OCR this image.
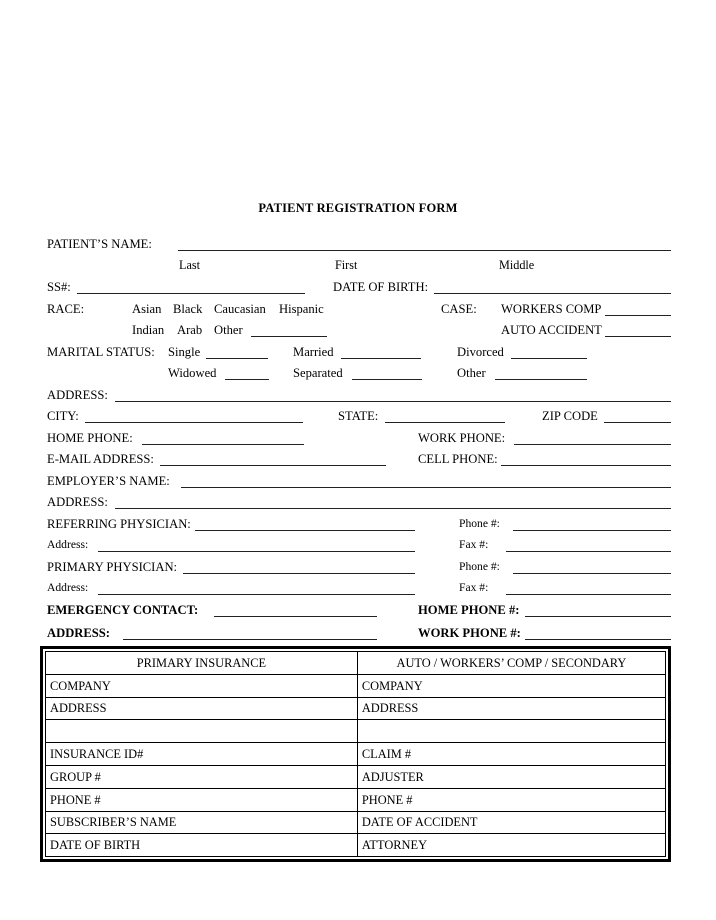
PATIENT REGISTRATION FORM
PATIENT’S NAME:
Last	First	Middle
SS#:	DATE OF BIRTH:
RACE:	Asian Black Caucasian Hispanic	CASE: WORKERS COMP
Indian Arab Other	AUTO ACCIDENT
MARITAL STATUS: Single	Married	Divorced
Widowed	Separated	Other
ADDRESS:
CITY:	STATE:	ZIP CODE
HOME PHONE:	WORK PHONE:
E-MAIL ADDRESS:	CELL PHONE:
EMPLOYER’S NAME:
ADDRESS:
REFERRING PHYSICIAN:	Phone #:
Address:	Fax #:
PRIMARY PHYSICIAN:	Phone #:
Address:	Fax #:
EMERGENCY CONTACT:	HOME PHONE #:
ADDRESS:	WORK PHONE #:
PRIMARY INSURANCE	AUTO / WORKERS’ COMP / SECONDARY
COMPANY	COMPANY
ADDRESS	ADDRESS

INSURANCE ID#	CLAIM #
GROUP #	ADJUSTER
PHONE #	PHONE #
SUBSCRIBER’S NAME	DATE OF ACCIDENT
DATE OF BIRTH	ATTORNEY
